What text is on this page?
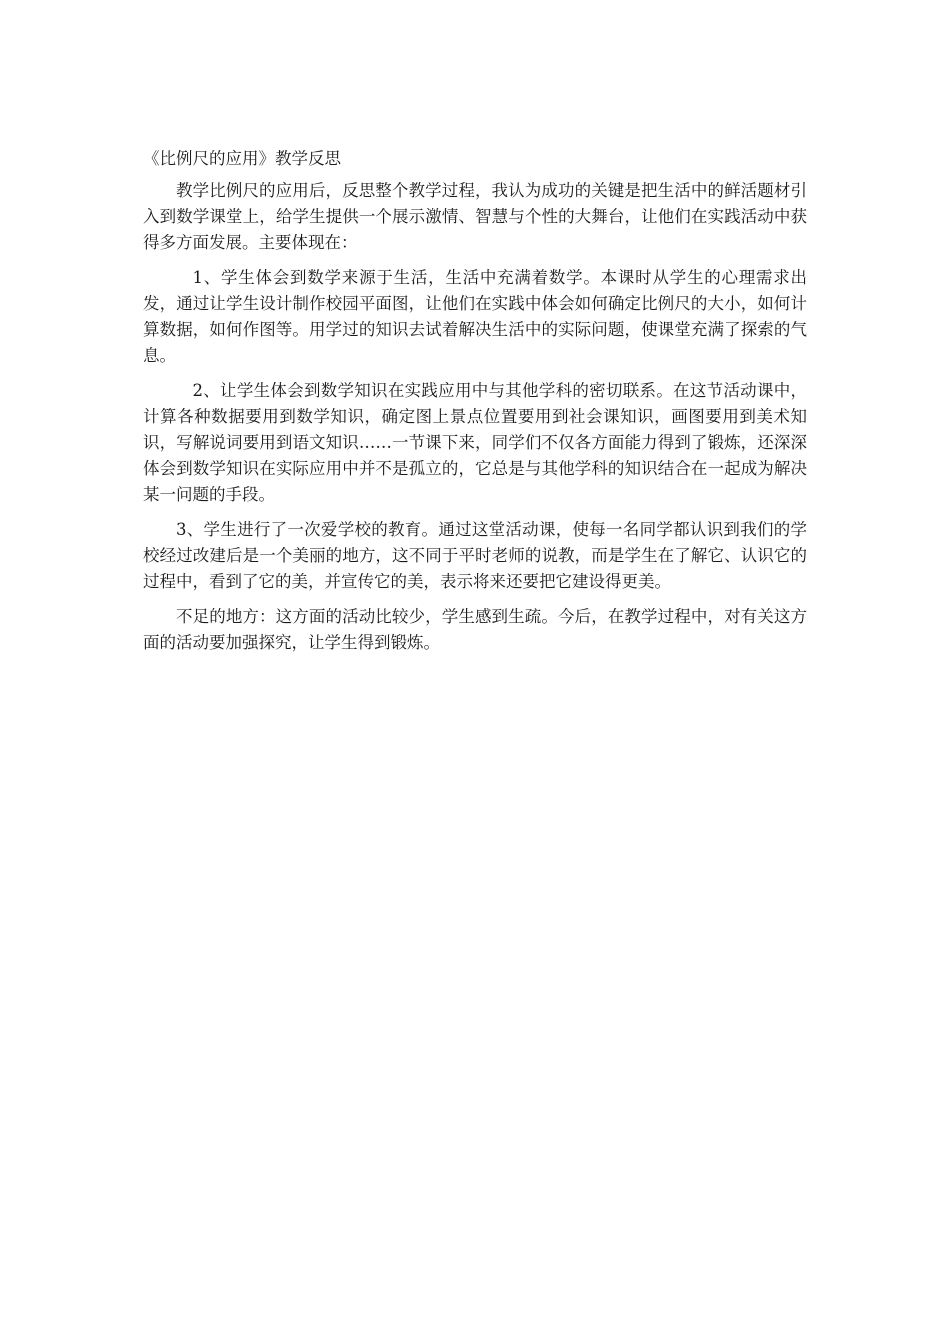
《比例尺的应用》教学反思

教学比例尺的应用后，反思整个教学过程，我认为成功的关键是把生活中的鲜活题材引入到数学课堂上，给学生提供一个展示激情、智慧与个性的大舞台，让他们在实践活动中获得多方面发展。主要体现在：

1、学生体会到数学来源于生活，生活中充满着数学。本课时从学生的心理需求出发，通过让学生设计制作校园平面图，让他们在实践中体会如何确定比例尺的大小，如何计算数据，如何作图等。用学过的知识去试着解决生活中的实际问题，使课堂充满了探索的气息。

2、让学生体会到数学知识在实践应用中与其他学科的密切联系。在这节活动课中，计算各种数据要用到数学知识，确定图上景点位置要用到社会课知识，画图要用到美术知识，写解说词要用到语文知识……一节课下来，同学们不仅各方面能力得到了锻炼，还深深体会到数学知识在实际应用中并不是孤立的，它总是与其他学科的知识结合在一起成为解决某一问题的手段。

3、学生进行了一次爱学校的教育。通过这堂活动课，使每一名同学都认识到我们的学校经过改建后是一个美丽的地方，这不同于平时老师的说教，而是学生在了解它、认识它的过程中，看到了它的美，并宣传它的美，表示将来还要把它建设得更美。

不足的地方：这方面的活动比较少，学生感到生疏。今后，在教学过程中，对有关这方面的活动要加强探究，让学生得到锻炼。
